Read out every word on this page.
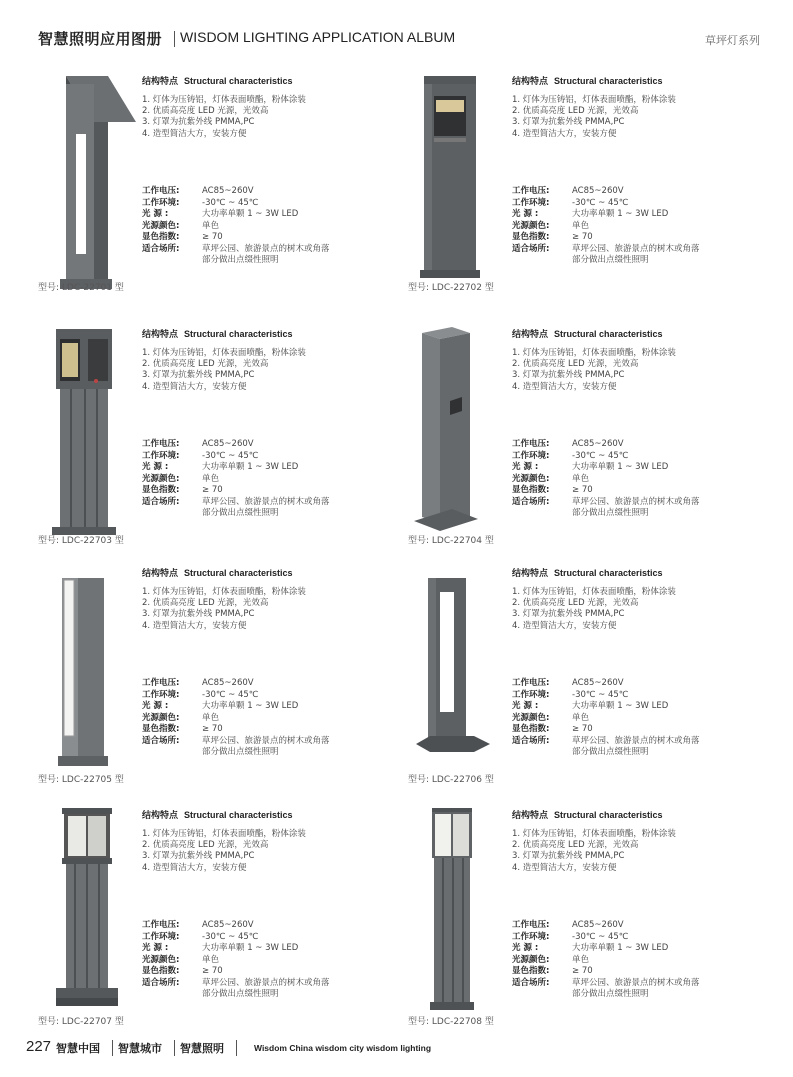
智慧照明应用图册 WISDOM LIGHTING APPLICATION ALBUM	草坪灯系列
结构特点 Structural characteristics
1. 灯体为压铸铝，灯体表面喷酯，粉体涂装
2. 优质高亮度 LED 光源，光效高
3. 灯罩为抗紫外线 PMMA,PC
4. 造型简洁大方，安装方便
工作电压:	AC85~260V
工作环境:	-30℃ ~ 45℃
光 源 :	大功率单颗 1 ~ 3W LED
光源颜色:	单色
显色指数:	≥ 70
适合场所:	草坪公园、旅游景点的树木或角落
部分做出点缀性照明
型号: LDC-22701 型
结构特点 Structural characteristics
1. 灯体为压铸铝，灯体表面喷酯，粉体涂装
2. 优质高亮度 LED 光源，光效高
3. 灯罩为抗紫外线 PMMA,PC
4. 造型简洁大方，安装方便
工作电压:	AC85~260V
工作环境:	-30℃ ~ 45℃
光 源 :	大功率单颗 1 ~ 3W LED
光源颜色:	单色
显色指数:	≥ 70
适合场所:	草坪公园、旅游景点的树木或角落
部分做出点缀性照明
型号: LDC-22702 型
结构特点 Structural characteristics
1. 灯体为压铸铝，灯体表面喷酯，粉体涂装
2. 优质高亮度 LED 光源，光效高
3. 灯罩为抗紫外线 PMMA,PC
4. 造型简洁大方，安装方便
工作电压:	AC85~260V
工作环境:	-30℃ ~ 45℃
光 源 :	大功率单颗 1 ~ 3W LED
光源颜色:	单色
显色指数:	≥ 70
适合场所:	草坪公园、旅游景点的树木或角落
部分做出点缀性照明
型号: LDC-22703 型
结构特点 Structural characteristics
1. 灯体为压铸铝，灯体表面喷酯，粉体涂装
2. 优质高亮度 LED 光源，光效高
3. 灯罩为抗紫外线 PMMA,PC
4. 造型简洁大方，安装方便
工作电压:	AC85~260V
工作环境:	-30℃ ~ 45℃
光 源 :	大功率单颗 1 ~ 3W LED
光源颜色:	单色
显色指数:	≥ 70
适合场所:	草坪公园、旅游景点的树木或角落
部分做出点缀性照明
型号: LDC-22704 型
结构特点 Structural characteristics
1. 灯体为压铸铝，灯体表面喷酯，粉体涂装
2. 优质高亮度 LED 光源，光效高
3. 灯罩为抗紫外线 PMMA,PC
4. 造型简洁大方，安装方便
工作电压:	AC85~260V
工作环境:	-30℃ ~ 45℃
光 源 :	大功率单颗 1 ~ 3W LED
光源颜色:	单色
显色指数:	≥ 70
适合场所:	草坪公园、旅游景点的树木或角落
部分做出点缀性照明
型号: LDC-22705 型
结构特点 Structural characteristics
1. 灯体为压铸铝，灯体表面喷酯，粉体涂装
2. 优质高亮度 LED 光源，光效高
3. 灯罩为抗紫外线 PMMA,PC
4. 造型简洁大方，安装方便
工作电压:	AC85~260V
工作环境:	-30℃ ~ 45℃
光 源 :	大功率单颗 1 ~ 3W LED
光源颜色:	单色
显色指数:	≥ 70
适合场所:	草坪公园、旅游景点的树木或角落
部分做出点缀性照明
型号: LDC-22706 型
结构特点 Structural characteristics
1. 灯体为压铸铝，灯体表面喷酯，粉体涂装
2. 优质高亮度 LED 光源，光效高
3. 灯罩为抗紫外线 PMMA,PC
4. 造型简洁大方，安装方便
工作电压:	AC85~260V
工作环境:	-30℃ ~ 45℃
光 源 :	大功率单颗 1 ~ 3W LED
光源颜色:	单色
显色指数:	≥ 70
适合场所:	草坪公园、旅游景点的树木或角落
部分做出点缀性照明
型号: LDC-22707 型
结构特点 Structural characteristics
1. 灯体为压铸铝，灯体表面喷酯，粉体涂装
2. 优质高亮度 LED 光源，光效高
3. 灯罩为抗紫外线 PMMA,PC
4. 造型简洁大方，安装方便
工作电压:	AC85~260V
工作环境:	-30℃ ~ 45℃
光 源 :	大功率单颗 1 ~ 3W LED
光源颜色:	单色
显色指数:	≥ 70
适合场所:	草坪公园、旅游景点的树木或角落
部分做出点缀性照明
型号: LDC-22708 型
227 智慧中国 智慧城市 智慧照明	Wisdom China wisdom city wisdom lighting
